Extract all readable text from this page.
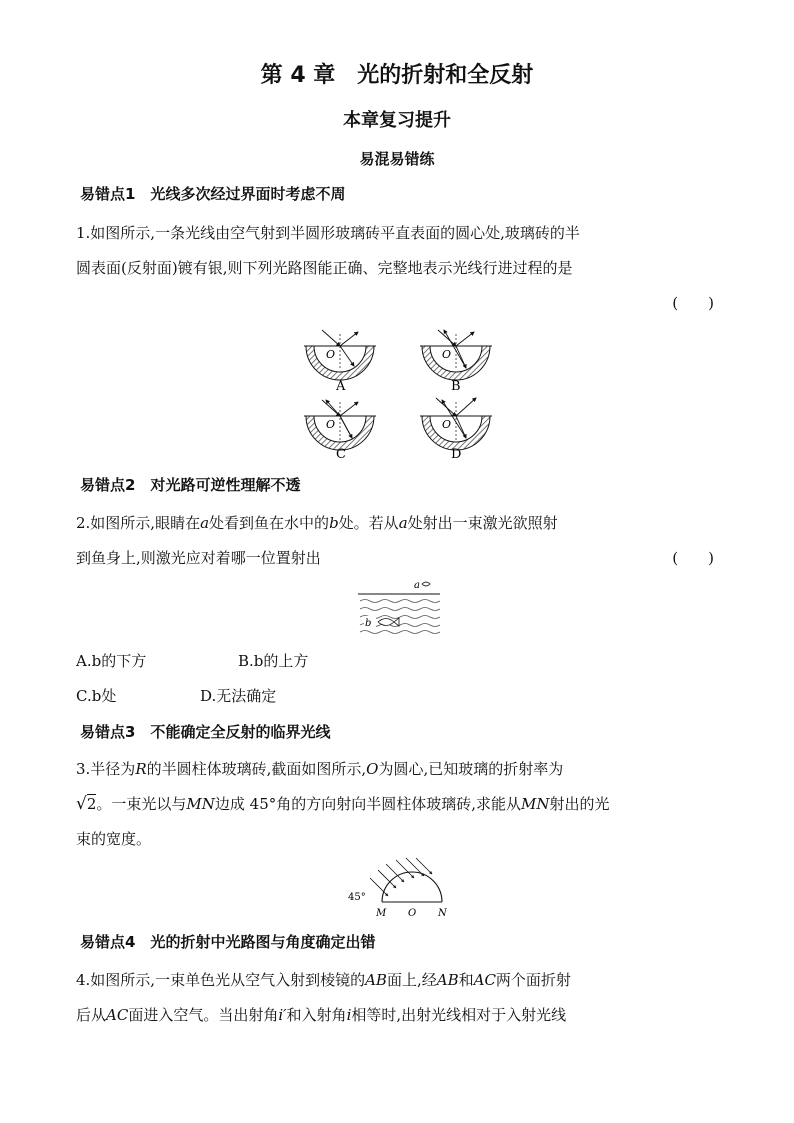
第 4 章　光的折射和全反射
本章复习提升
易混易错练
易错点1　光线多次经过界面时考虑不周
1.如图所示,一条光线由空气射到半圆形玻璃砖平直表面的圆心处,玻璃砖的半
圆表面(反射面)镀有银,则下列光路图能正确、完整地表示光线行进过程的是
(　　)
O
A
O
B
O
C
O
D
易错点2　对光路可逆性理解不透
2.如图所示,眼睛在a处看到鱼在水中的b处。若从a处射出一束激光欲照射
到鱼身上,则激光应对着哪一位置射出	(　　)
a
b
A.b的下方	B.b的上方
C.b处	D.无法确定
易错点3　不能确定全反射的临界光线
3.半径为R的半圆柱体玻璃砖,截面如图所示,O为圆心,已知玻璃的折射率为
√2。一束光以与MN边成 45°角的方向射向半圆柱体玻璃砖,求能从MN射出的光
束的宽度。
45°
M O N
易错点4　光的折射中光路图与角度确定出错
4.如图所示,一束单色光从空气入射到棱镜的AB面上,经AB和AC两个面折射
后从AC面进入空气。当出射角i′和入射角i相等时,出射光线相对于入射光线
